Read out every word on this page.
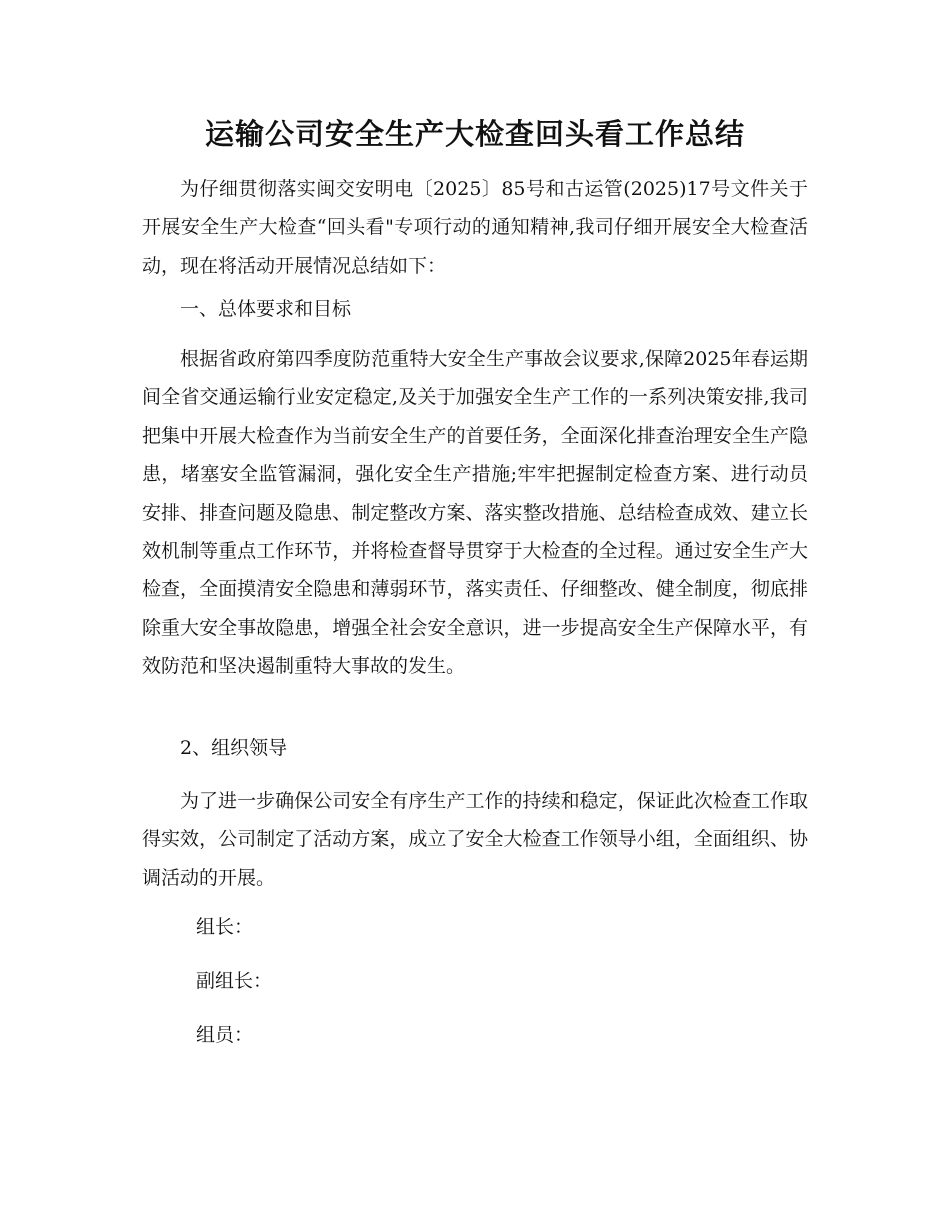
运输公司安全生产大检查回头看工作总结

为仔细贯彻落实闽交安明电〔2025〕85号和古运管(2025)17号文件关于开展安全生产大检查“回头看"专项行动的通知精神,我司仔细开展安全大检查活动，现在将活动开展情况总结如下：

一、总体要求和目标

根据省政府第四季度防范重特大安全生产事故会议要求,保障2025年春运期间全省交通运输行业安定稳定,及关于加强安全生产工作的一系列决策安排,我司把集中开展大检查作为当前安全生产的首要任务，全面深化排查治理安全生产隐患，堵塞安全监管漏洞，强化安全生产措施;牢牢把握制定检查方案、进行动员安排、排查问题及隐患、制定整改方案、落实整改措施、总结检查成效、建立长效机制等重点工作环节，并将检查督导贯穿于大检查的全过程。通过安全生产大检查，全面摸清安全隐患和薄弱环节，落实责任、仔细整改、健全制度，彻底排除重大安全事故隐患，增强全社会安全意识，进一步提高安全生产保障水平，有效防范和坚决遏制重特大事故的发生。

2、组织领导

为了进一步确保公司安全有序生产工作的持续和稳定，保证此次检查工作取得实效，公司制定了活动方案，成立了安全大检查工作领导小组，全面组织、协调活动的开展。

组长：

副组长：

组员：
